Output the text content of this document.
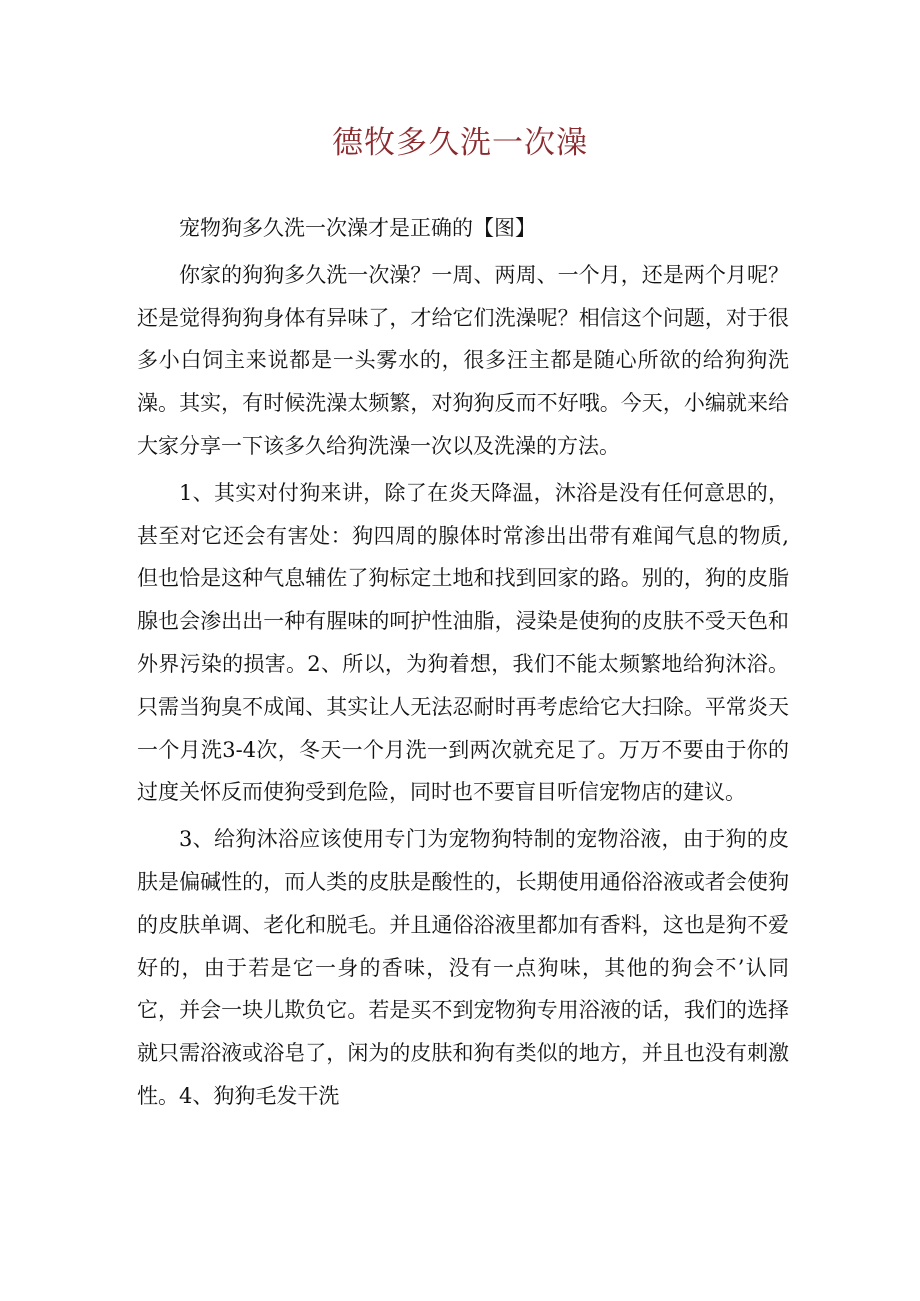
德牧多久洗一次澡

宠物狗多久洗一次澡才是正确的【图】

你家的狗狗多久洗一次澡？一周、两周、一个月，还是两个月呢？还是觉得狗狗身体有异味了，才给它们洗澡呢？相信这个问题，对于很多小白饲主来说都是一头雾水的，很多汪主都是随心所欲的给狗狗洗澡。其实，有时候洗澡太频繁，对狗狗反而不好哦。今天，小编就来给大家分享一下该多久给狗洗澡一次以及洗澡的方法。

1、其实对付狗来讲，除了在炎天降温，沐浴是没有任何意思的，甚至对它还会有害处：狗四周的腺体时常渗出出带有难闻气息的物质,但也恰是这种气息辅佐了狗标定土地和找到回家的路。别的，狗的皮脂腺也会渗出出一种有腥味的呵护性油脂，浸染是使狗的皮肤不受天色和外界污染的损害。2、所以，为狗着想，我们不能太频繁地给狗沐浴。只需当狗臭不成闻、其实让人无法忍耐时再考虑给它大扫除。平常炎天一个月洗3-4次，冬天一个月洗一到两次就充足了。万万不要由于你的过度关怀反而使狗受到危险，同时也不要盲目听信宠物店的建议。

3、给狗沐浴应该使用专门为宠物狗特制的宠物浴液，由于狗的皮肤是偏碱性的，而人类的皮肤是酸性的，长期使用通俗浴液或者会使狗的皮肤单调、老化和脱毛。并且通俗浴液里都加有香料，这也是狗不爱好的，由于若是它一身的香味，没有一点狗味，其他的狗会不’认同它，并会一块儿欺负它。若是买不到宠物狗专用浴液的话，我们的选择就只需浴液或浴皂了，闲为的皮肤和狗有类似的地方，并且也没有刺激性。4、狗狗毛发干洗
